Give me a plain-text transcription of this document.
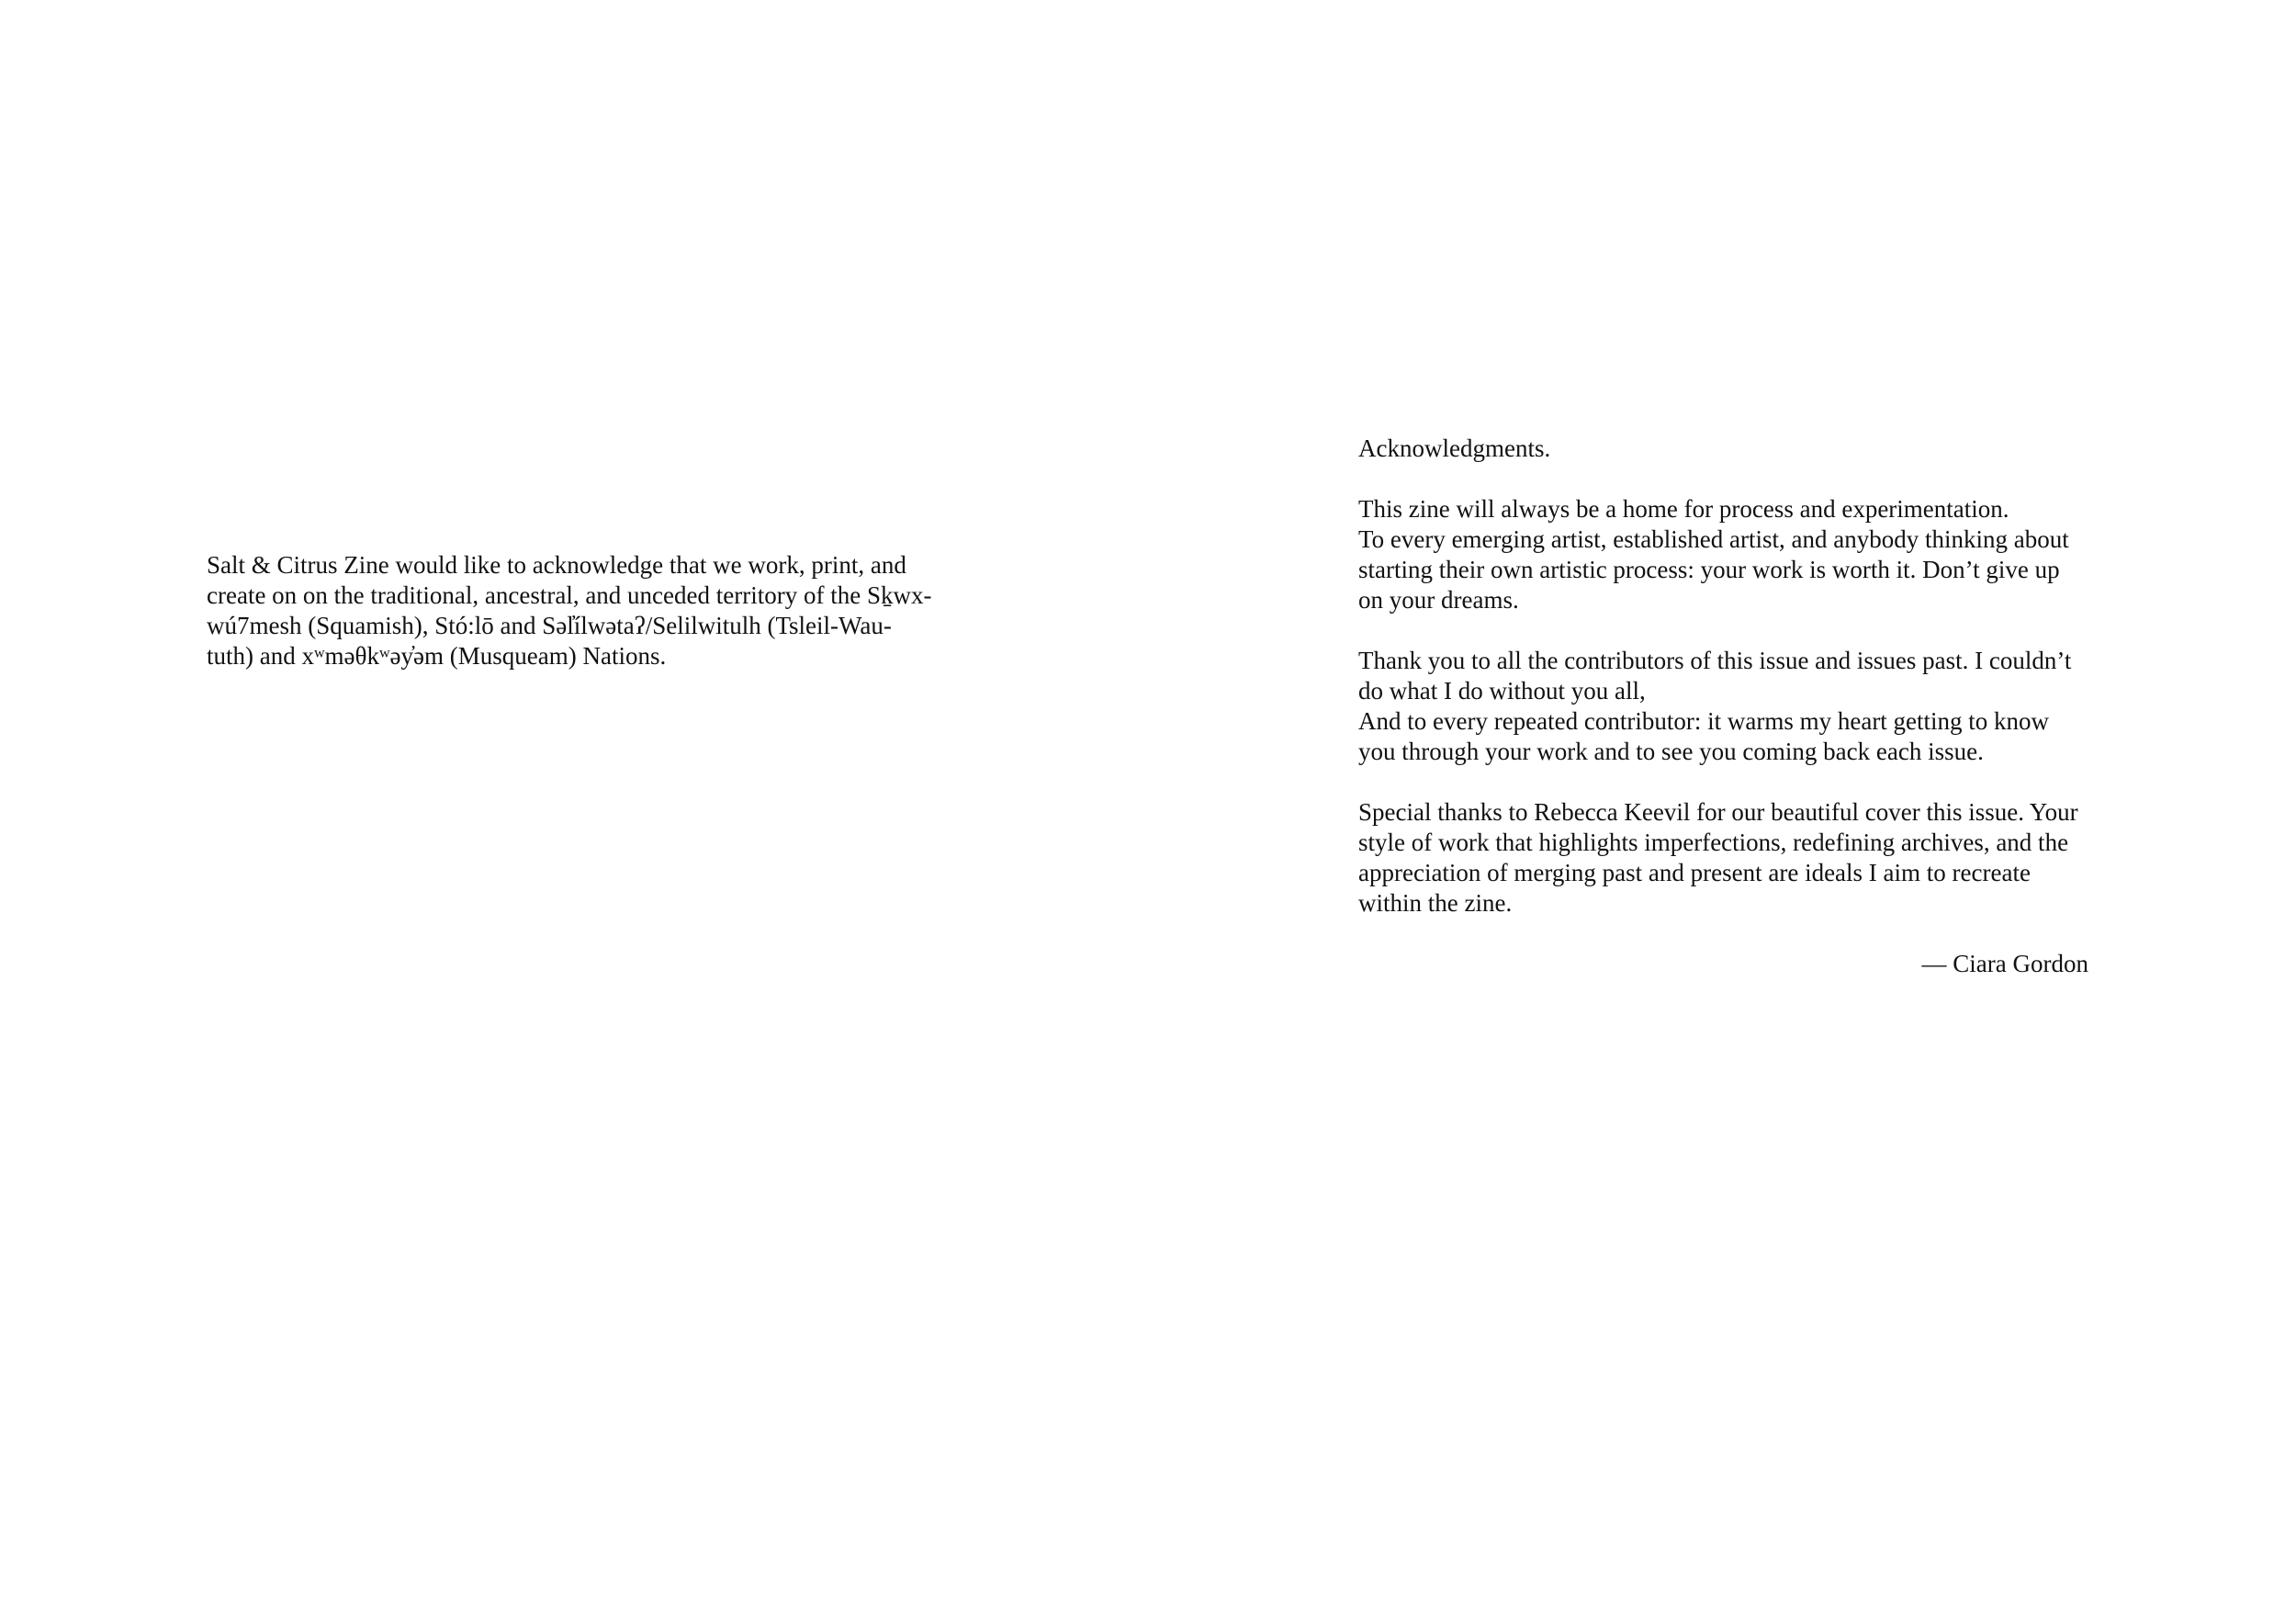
Salt & Citrus Zine would like to acknowledge that we work, print, and
create on on the traditional, ancestral, and unceded territory of the Sḵwx-
wú7mesh (Squamish), Stó:lō and Səl̓ílwətaʔ/Selilwitulh (Tsleil-Wau-
tuth) and xʷməθkʷəy̓əm (Musqueam) Nations.

Acknowledgments.

This zine will always be a home for process and experimentation.
To every emerging artist, established artist, and anybody thinking about
starting their own artistic process: your work is worth it. Don’t give up
on your dreams.

Thank you to all the contributors of this issue and issues past. I couldn’t
do what I do without you all,
And to every repeated contributor: it warms my heart getting to know
you through your work and to see you coming back each issue.

Special thanks to Rebecca Keevil for our beautiful cover this issue. Your
style of work that highlights imperfections, redefining archives, and the
appreciation of merging past and present are ideals I aim to recreate
within the zine.

— Ciara Gordon
